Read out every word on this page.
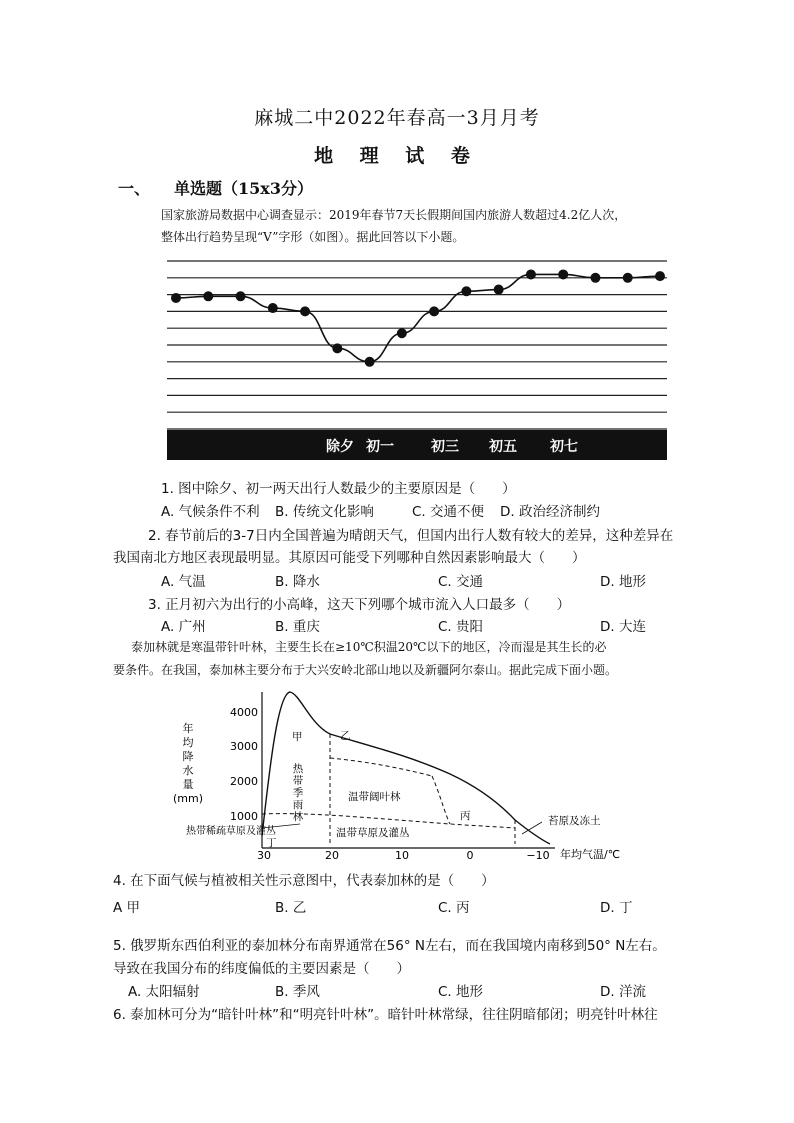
麻城二中2022年春高一3月月考
地 理 试 卷
一、 单选题（15x3分）
国家旅游局数据中心调查显示：2019年春节7天长假期间国内旅游人数超过4.2亿人次，
整体出行趋势呈现“V”字形（如图）。据此回答以下小题。
除夕 初一	初三 初五 初七
1. 图中除夕、初一两天出行人数最少的主要原因是（　　）
A. 气候条件不利 B. 传统文化影响	C. 交通不便 D. 政治经济制约
2. 春节前后的3-7日内全国普遍为晴朗天气，但国内出行人数有较大的差异，这种差异在
我国南北方地区表现最明显。其原因可能受下列哪种自然因素影响最大（　　）
A. 气温	B. 降水	C. 交通	D. 地形
3. 正月初六为出行的小高峰，这天下列哪个城市流入人口最多（　　）
A. 广州	B. 重庆	C. 贵阳	D. 大连
泰加林就是寒温带针叶林，主要生长在≥10℃积温20℃以下的地区，冷而湿是其生长的必
要条件。在我国，泰加林主要分布于大兴安岭北部山地以及新疆阿尔泰山。据此完成下面小题。
年
均
降
水
量
(mm)
1000
2000
3000
4000
30	20	10	0	−10 年均气温/℃
甲	乙
丙
丁
温带阔叶林
温带草原及灌丛
苔原及冻土
热带稀疏草原及灌丛
热
带
季
雨
林
4. 在下面气候与植被相关性示意图中，代表泰加林的是（　　）
A 甲	B. 乙	C. 丙	D. 丁
5. 俄罗斯东西伯利亚的泰加林分布南界通常在56° N左右，而在我国境内南移到50° N左右。
导致在我国分布的纬度偏低的主要因素是（　　）
A. 太阳辐射	B. 季风	C. 地形	D. 洋流
6. 泰加林可分为“暗针叶林”和“明亮针叶林”。暗针叶林常绿，往往阴暗郁闭；明亮针叶林往
